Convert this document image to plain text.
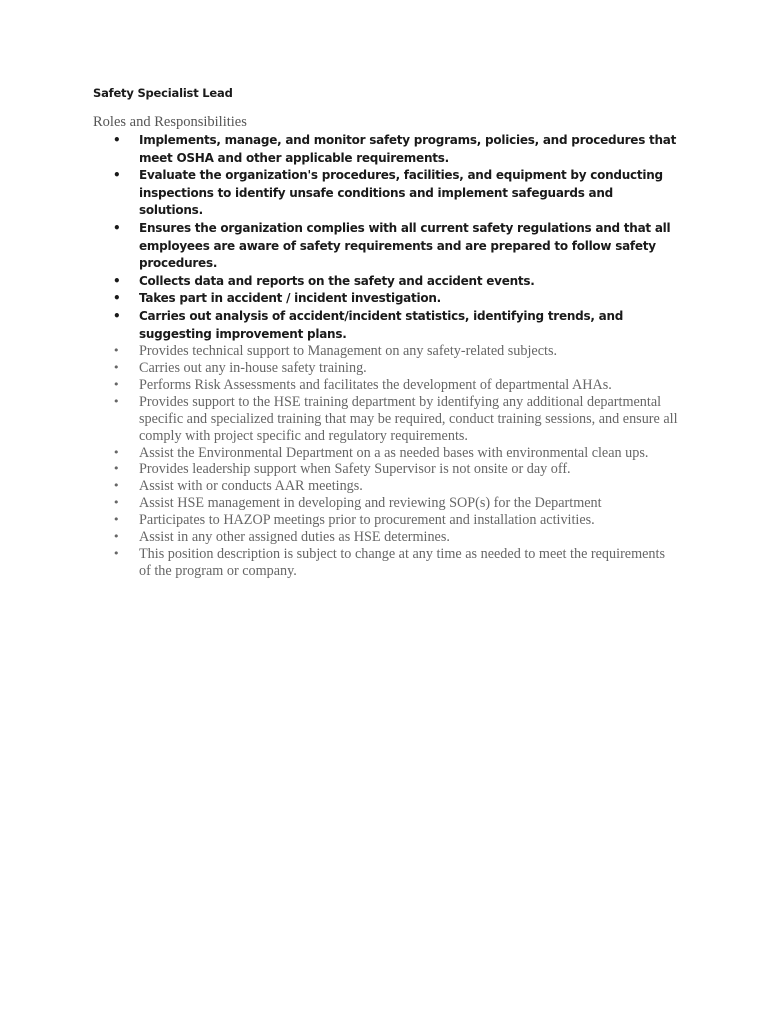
Safety Specialist Lead
Roles and Responsibilities
• Implements, manage, and monitor safety programs, policies, and procedures that meet OSHA and other applicable requirements.
• Evaluate the organization's procedures, facilities, and equipment by conducting inspections to identify unsafe conditions and implement safeguards and solutions.
• Ensures the organization complies with all current safety regulations and that all employees are aware of safety requirements and are prepared to follow safety procedures.
• Collects data and reports on the safety and accident events.
• Takes part in accident / incident investigation.
• Carries out analysis of accident/incident statistics, identifying trends, and suggesting improvement plans.
• Provides technical support to Management on any safety-related subjects.
• Carries out any in-house safety training.
• Performs Risk Assessments and facilitates the development of departmental AHAs.
• Provides support to the HSE training department by identifying any additional departmental specific and specialized training that may be required, conduct training sessions, and ensure all comply with project specific and regulatory requirements.
• Assist the Environmental Department on a as needed bases with environmental clean ups.
• Provides leadership support when Safety Supervisor is not onsite or day off.
• Assist with or conducts AAR meetings.
• Assist HSE management in developing and reviewing SOP(s) for the Department
• Participates to HAZOP meetings prior to procurement and installation activities.
• Assist in any other assigned duties as HSE determines.
• This position description is subject to change at any time as needed to meet the requirements of the program or company.
